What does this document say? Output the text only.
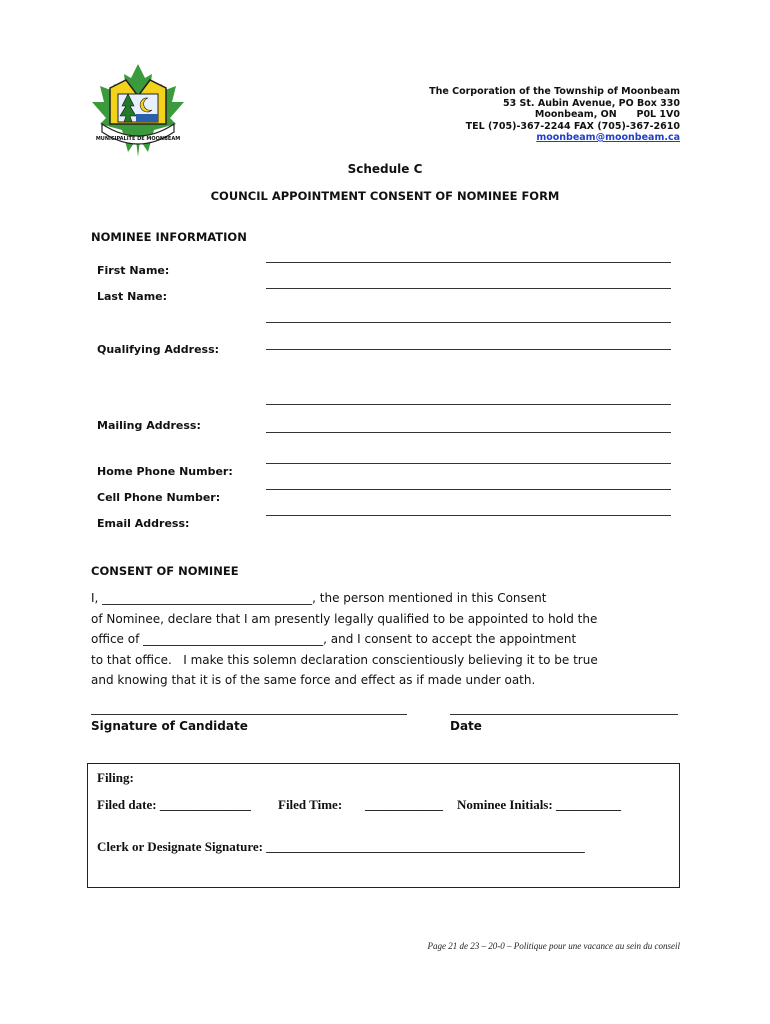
MUNICIPALITÉ DE MOONBEAM
The Corporation of the Township of Moonbeam
53 St. Aubin Avenue, PO Box 330
Moonbeam, ON      P0L 1V0
TEL (705)-367-2244 FAX (705)-367-2610
moonbeam@moonbeam.ca
Schedule C
COUNCIL APPOINTMENT CONSENT OF NOMINEE FORM
NOMINEE INFORMATION
First Name:
Last Name:
Qualifying Address:
Mailing Address:
Home Phone Number:
Cell Phone Number:
Email Address:
CONSENT OF NOMINEE
I, ___________________________________, the person mentioned in this Consent
of Nominee, declare that I am presently legally qualified to be appointed to hold the
office of ______________________________, and I consent to accept the appointment
to that office.   I make this solemn declaration conscientiously believing it to be true
and knowing that it is of the same force and effect as if made under oath.
Signature of Candidate	Date
Filing:
Filed date: ______________ Filed Time: ____________ Nominee Initials: __________
Clerk or Designate Signature: _________________________________________________
Page 21 de 23 – 20-0 – Politique pour une vacance au sein du conseil
